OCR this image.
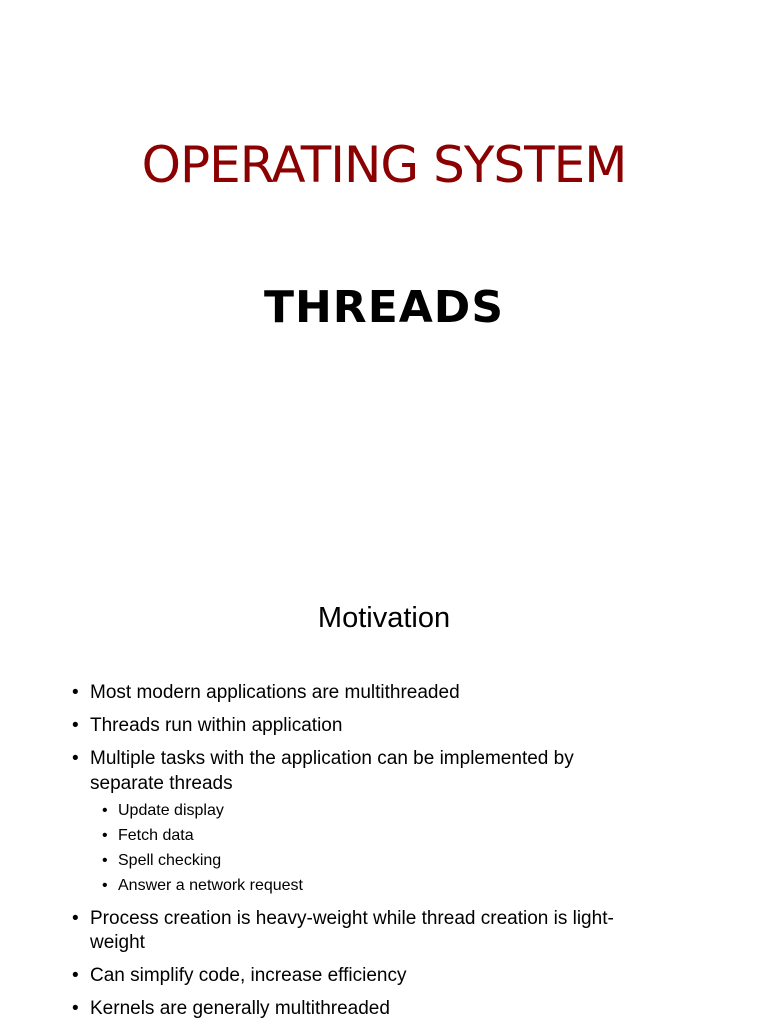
OPERATING SYSTEM
THREADS
Motivation
• Most modern applications are multithreaded
• Threads run within application
• Multiple tasks with the application can be implemented by separate threads
• Update display
• Fetch data
• Spell checking
• Answer a network request
• Process creation is heavy-weight while thread creation is light-weight
• Can simplify code, increase efficiency
• Kernels are generally multithreaded
